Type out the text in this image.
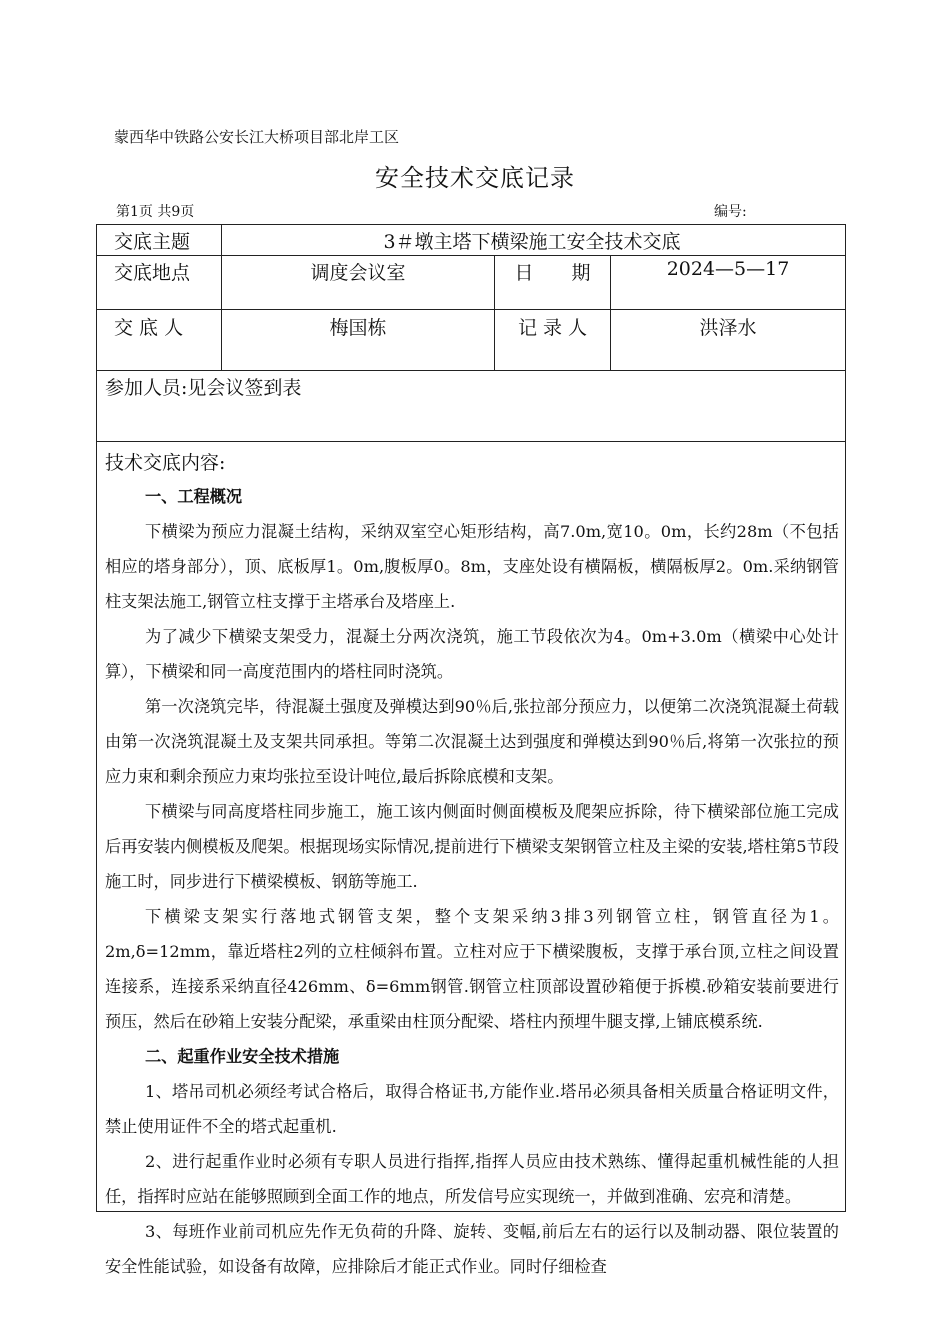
蒙西华中铁路公安长江大桥项目部北岸工区
安全技术交底记录
第1页 共9页	编号:
交底主题	3＃墩主塔下横梁施工安全技术交底
交底地点	调度会议室	日　　期	2024—5—17
交 底 人	梅国栋	记 录 人	洪泽水
参加人员:见会议签到表
技术交底内容:
一、工程概况

下横梁为预应力混凝土结构，采纳双室空心矩形结构，高7.0m,宽10。0m，长约28m（不包括相应的塔身部分），顶、底板厚1。0m,腹板厚0。8m，支座处设有横隔板，横隔板厚2。0m.采纳钢管柱支架法施工,钢管立柱支撑于主塔承台及塔座上.

为了减少下横梁支架受力，混凝土分两次浇筑，施工节段依次为4。0m+3.0m（横梁中心处计算），下横梁和同一高度范围内的塔柱同时浇筑。

第一次浇筑完毕，待混凝土强度及弹模达到90％后,张拉部分预应力，以便第二次浇筑混凝土荷载由第一次浇筑混凝土及支架共同承担。等第二次混凝土达到强度和弹模达到90％后,将第一次张拉的预应力束和剩余预应力束均张拉至设计吨位,最后拆除底模和支架。

下横梁与同高度塔柱同步施工，施工该内侧面时侧面模板及爬架应拆除，待下横梁部位施工完成后再安装内侧模板及爬架。根据现场实际情况,提前进行下横梁支架钢管立柱及主梁的安装,塔柱第5节段施工时，同步进行下横梁模板、钢筋等施工.

下横梁支架实行落地式钢管支架，整个支架采纳3排3列钢管立柱，钢管直径为1。2m,δ=12mm，靠近塔柱2列的立柱倾斜布置。立柱对应于下横梁腹板，支撑于承台顶,立柱之间设置连接系，连接系采纳直径426mm、δ=6mm钢管.钢管立柱顶部设置砂箱便于拆模.砂箱安装前要进行预压，然后在砂箱上安装分配梁，承重梁由柱顶分配梁、塔柱内预埋牛腿支撑,上铺底模系统.

二、起重作业安全技术措施

1、塔吊司机必须经考试合格后，取得合格证书,方能作业.塔吊必须具备相关质量合格证明文件，禁止使用证件不全的塔式起重机.

2、进行起重作业时必须有专职人员进行指挥,指挥人员应由技术熟练、懂得起重机械性能的人担任，指挥时应站在能够照顾到全面工作的地点，所发信号应实现统一，并做到准确、宏亮和清楚。

3、每班作业前司机应先作无负荷的升降、旋转、变幅,前后左右的运行以及制动器、限位装置的安全性能试验，如设备有故障，应排除后才能正式作业。同时仔细检查
